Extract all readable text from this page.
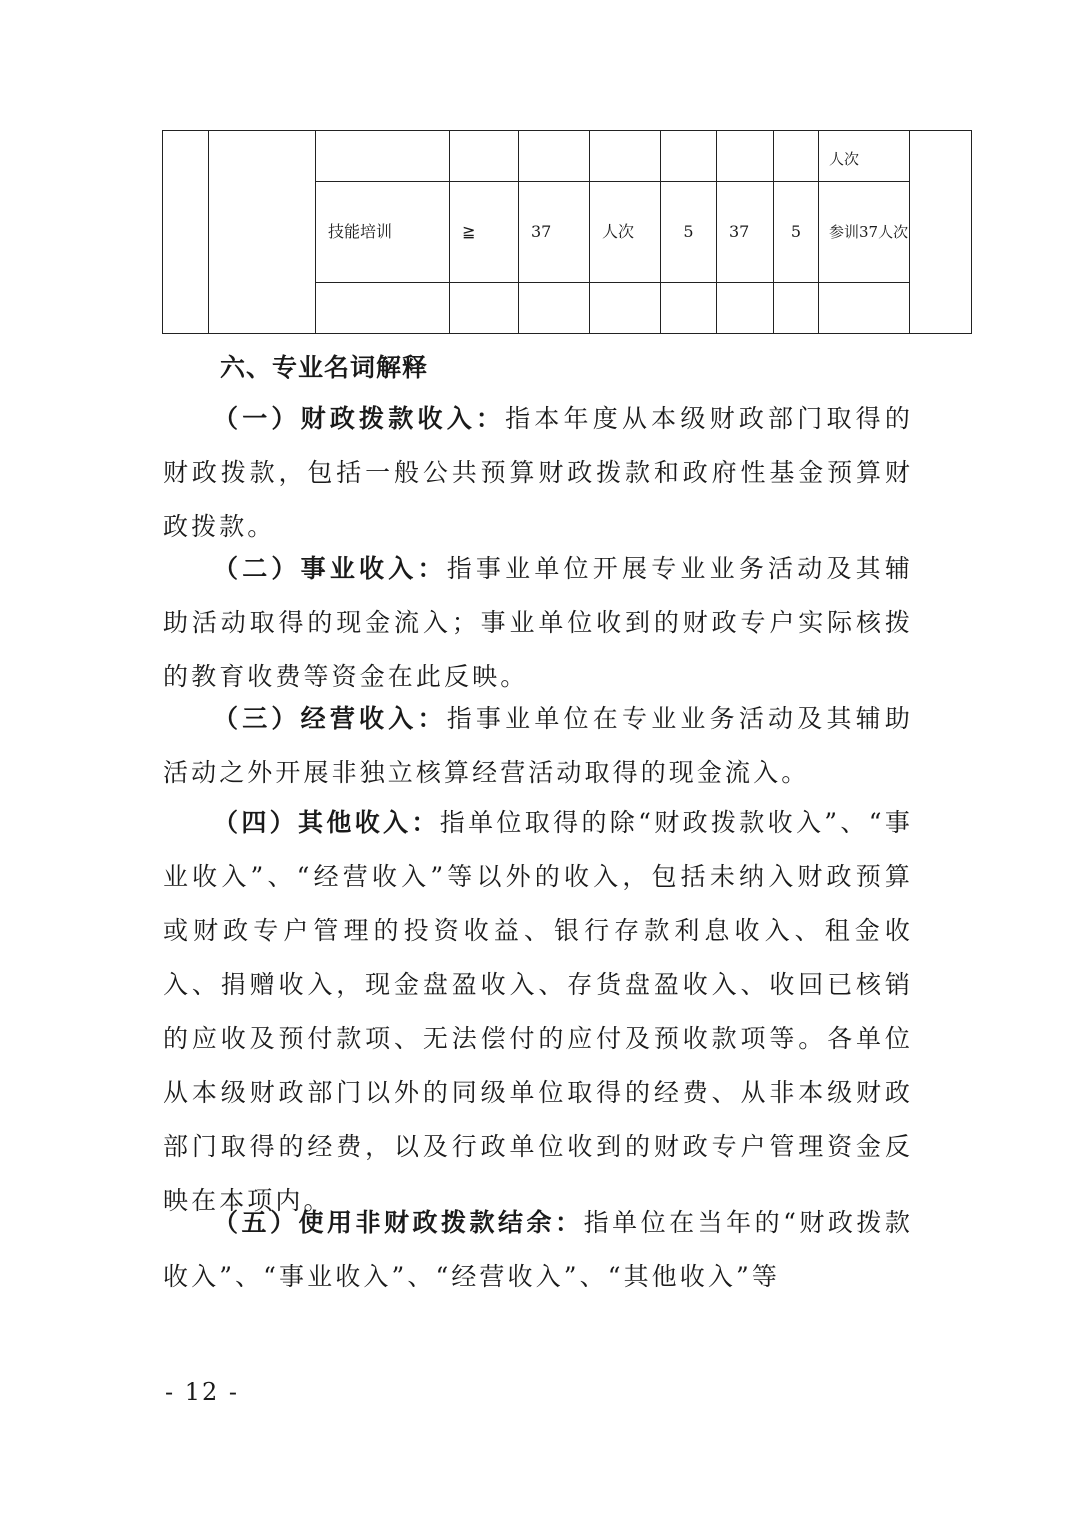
									人次	

		技能培训	≧	37	人次	5	37	5	参训37人次	

六、专业名词解释

（一）财政拨款收入：指本年度从本级财政部门取得的财政拨款，包括一般公共预算财政拨款和政府性基金预算财政拨款。

（二）事业收入：指事业单位开展专业业务活动及其辅助活动取得的现金流入；事业单位收到的财政专户实际核拨的教育收费等资金在此反映。

（三）经营收入：指事业单位在专业业务活动及其辅助活动之外开展非独立核算经营活动取得的现金流入。

（四）其他收入：指单位取得的除“财政拨款收入”、“事业收入”、“经营收入”等以外的收入，包括未纳入财政预算或财政专户管理的投资收益、银行存款利息收入、租金收入、捐赠收入，现金盘盈收入、存货盘盈收入、收回已核销的应收及预付款项、无法偿付的应付及预收款项等。各单位从本级财政部门以外的同级单位取得的经费、从非本级财政部门取得的经费，以及行政单位收到的财政专户管理资金反映在本项内。

（五）使用非财政拨款结余：指单位在当年的“财政拨款收入”、“事业收入”、“经营收入”、“其他收入”等

- 12 -
